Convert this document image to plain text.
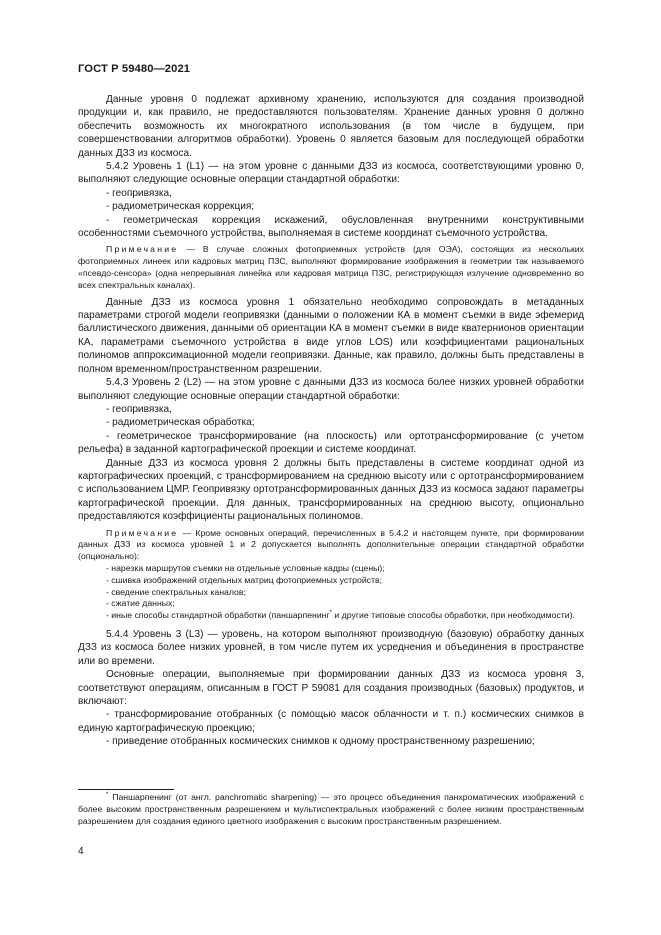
ГОСТ Р 59480—2021

Данные уровня 0 подлежат архивному хранению, используются для создания производной продукции и, как правило, не предоставляются пользователям. Хранение данных уровня 0 должно обеспечить возможность их многократного использования (в том числе в будущем, при совершенствовании алгоритмов обработки). Уровень 0 является базовым для последующей обработки данных ДЗЗ из космоса.

5.4.2 Уровень 1 (L1) — на этом уровне с данными ДЗЗ из космоса, соответствующими уровню 0, выполняют следующие основные операции стандартной обработки:

- геопривязка,

- радиометрическая коррекция;

- геометрическая коррекция искажений, обусловленная внутренними конструктивными особенностями съемочного устройства, выполняемая в системе координат съемочного устройства.

Примечание — В случае сложных фотоприемных устройств (для ОЭА), состоящих из нескольких фотоприемных линеек или кадровых матриц ПЗС, выполняют формирование изображения в геометрии так называемого «псевдо-сенсора» (одна непрерывная линейка или кадровая матрица ПЗС, регистрирующая излучение одновременно во всех спектральных каналах).

Данные ДЗЗ из космоса уровня 1 обязательно необходимо сопровождать в метаданных параметрами строгой модели геопривязки (данными о положении КА в момент съемки в виде эфемерид баллистического движения, данными об ориентации КА в момент съемки в виде кватернионов ориентации КА, параметрами съемочного устройства в виде углов LOS) или коэффициентами рациональных полиномов аппроксимационной модели геопривязки. Данные, как правило, должны быть представлены в полном временном/пространственном разрешении.

5.4.3 Уровень 2 (L2) — на этом уровне с данными ДЗЗ из космоса более низких уровней обработки выполняют следующие основные операции стандартной обработки:

- геопривязка,

- радиометрическая обработка;

- геометрическое трансформирование (на плоскость) или ортотрансформирование (с учетом рельефа) в заданной картографической проекции и системе координат.

Данные ДЗЗ из космоса уровня 2 должны быть представлены в системе координат одной из картографических проекций, с трансформированием на среднюю высоту или с ортотрансформированием с использованием ЦМР. Геопривязку ортотрансформированных данных ДЗЗ из космоса задают параметры картографической проекции. Для данных, трансформированных на среднюю высоту, опционально предоставляются коэффициенты рациональных полиномов.

Примечание — Кроме основных операций, перечисленных в 5.4.2 и настоящем пункте, при формировании данных ДЗЗ из космоса уровней 1 и 2 допускается выполнять дополнительные операции стандартной обработки (опционально):

- нарезка маршрутов съемки на отдельные условные кадры (сцены);

- сшивка изображений отдельных матриц фотоприемных устройств;

- сведение спектральных каналов;

- сжатие данных;

- иные способы стандартной обработки (паншарпенинг* и другие типовые способы обработки, при необходимости).

5.4.4 Уровень 3 (L3) — уровень, на котором выполняют производную (базовую) обработку данных ДЗЗ из космоса более низких уровней, в том числе путем их усреднения и объединения в пространстве или во времени.

Основные операции, выполняемые при формировании данных ДЗЗ из космоса уровня 3, соответствуют операциям, описанным в ГОСТ Р 59081 для создания производных (базовых) продуктов, и включают:

- трансформирование отобранных (с помощью масок облачности и т. п.) космических снимков в единую картографическую проекцию;

- приведение отобранных космических снимков к одному пространственному разрешению;

* Паншарпенинг (от англ. panchromatic sharpening) — это процесс объединения панхроматических изображений с более высоким пространственным разрешением и мультиспектральных изображений с более низким пространственным разрешением для создания единого цветного изображения с высоким пространственным разрешением.

4
